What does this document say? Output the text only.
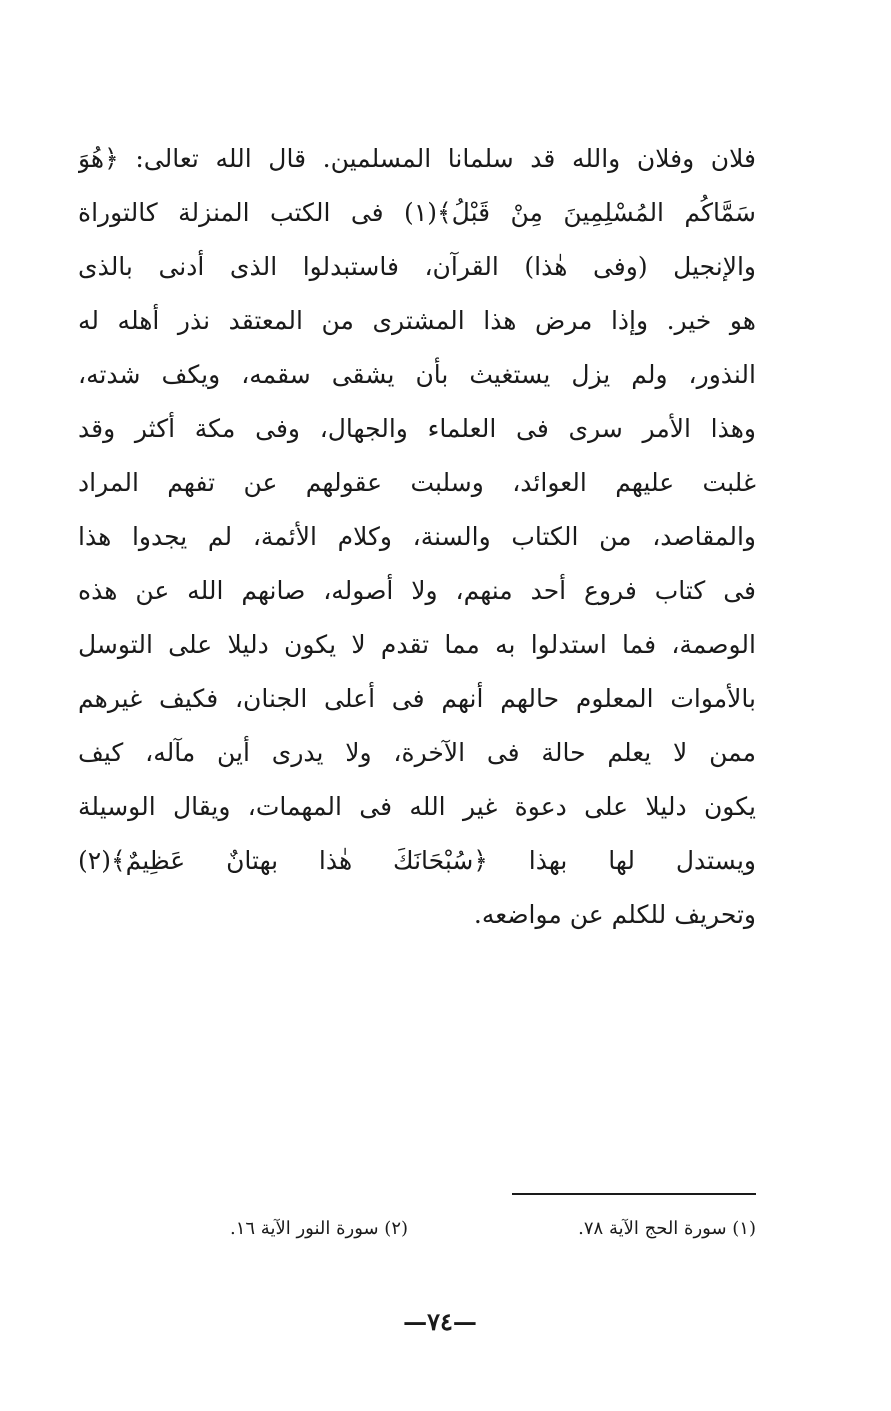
فلان وفلان والله قد سلمانا المسلمين. قال الله تعالى: ﴿هُوَ
سَمَّاكُم المُسْلِمِينَ مِنْ قَبْلُ﴾(١) فى الكتب المنزلة كالتوراة
والإنجيل (وفى هٰذا) القرآن، فاستبدلوا الذى أدنى بالذى
هو خير. وإذا مرض هذا المشترى من المعتقد نذر أهله له
النذور، ولم يزل يستغيث بأن يشقى سقمه، ويكف شدته،
وهذا الأمر سرى فى العلماء والجهال، وفى مكة أكثر وقد
غلبت عليهم العوائد، وسلبت عقولهم عن تفهم المراد
والمقاصد، من الكتاب والسنة، وكلام الأئمة، لم يجدوا هذا
فى كتاب فروع أحد منهم، ولا أصوله، صانهم الله عن هذه
الوصمة، فما استدلوا به مما تقدم لا يكون دليلا على التوسل
بالأموات المعلوم حالهم أنهم فى أعلى الجنان، فكيف غيرهم
ممن لا يعلم حالة فى الآخرة، ولا يدرى أين مآله، كيف
يكون دليلا على دعوة غير الله فى المهمات، ويقال الوسيلة
ويستدل لها بهذا ﴿سُبْحَانَكَ هٰذا بهتانٌ عَظِيمٌ﴾(٢)
وتحريف للكلم عن مواضعه.
(١) سورة الحج الآية ٧٨.
(٢) سورة النور الآية ١٦.
—٧٤—
